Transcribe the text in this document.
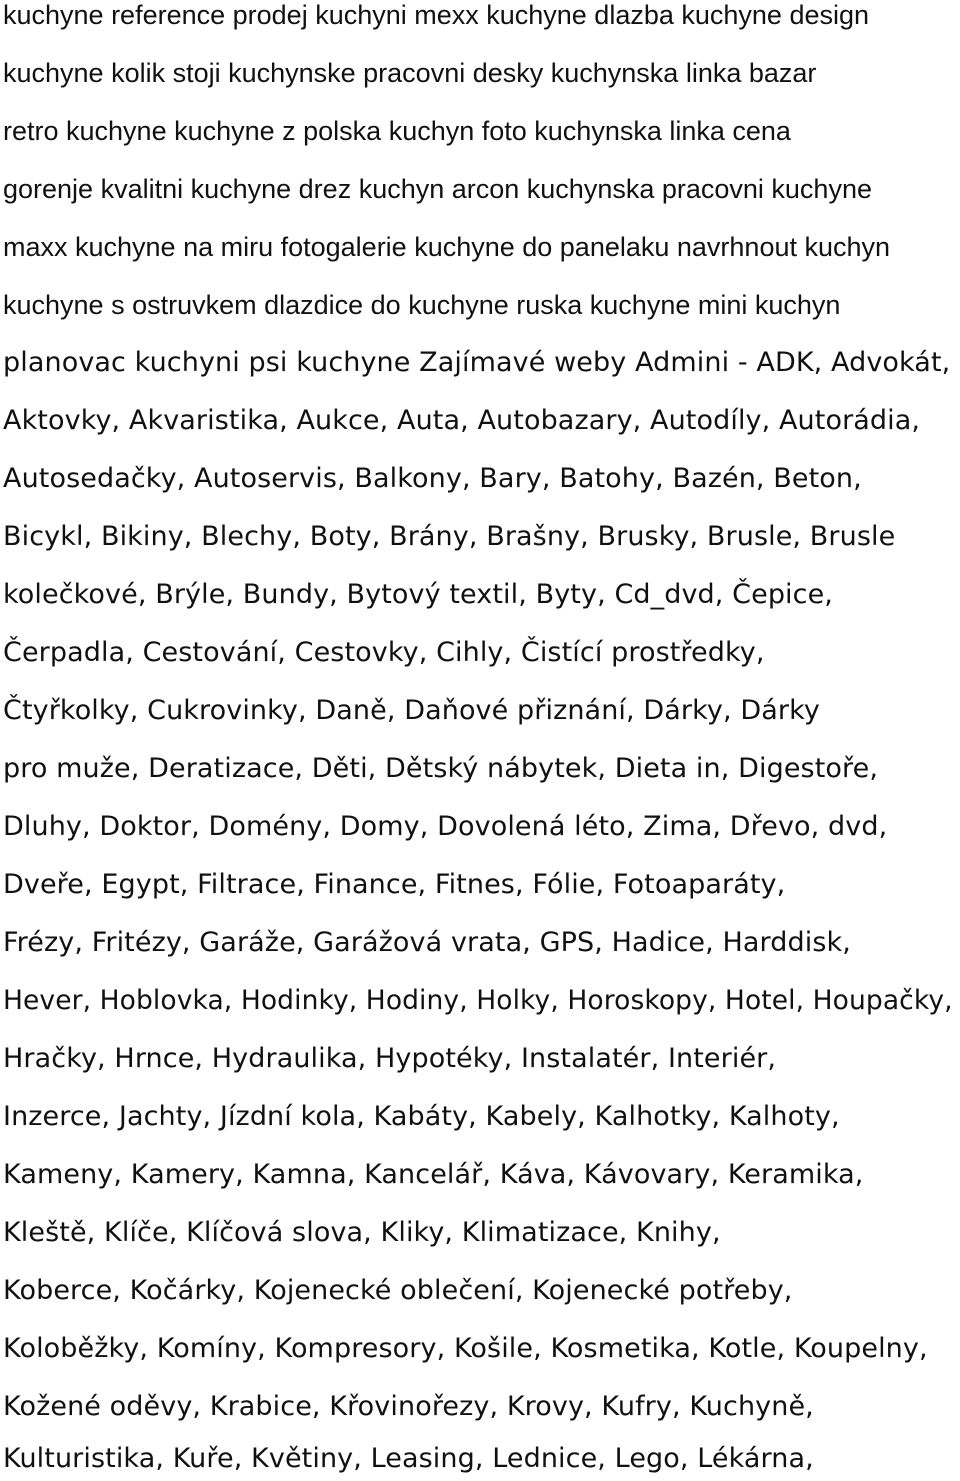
kuchyne reference prodej kuchyni mexx kuchyne dlazba kuchyne design
kuchyne kolik stoji kuchynske pracovni desky kuchynska linka bazar
retro kuchyne kuchyne z polska kuchyn foto kuchynska linka cena
gorenje kvalitni kuchyne drez kuchyn arcon kuchynska pracovni kuchyne
maxx kuchyne na miru fotogalerie kuchyne do panelaku navrhnout kuchyn
kuchyne s ostruvkem dlazdice do kuchyne ruska kuchyne mini kuchyn
planovac kuchyni psi kuchyne Zajímavé weby Admini - ADK, Advokát,
Aktovky, Akvaristika, Aukce, Auta, Autobazary, Autodíly, Autorádia,
Autosedačky, Autoservis, Balkony, Bary, Batohy, Bazén, Beton,
Bicykl, Bikiny, Blechy, Boty, Brány, Brašny, Brusky, Brusle, Brusle
kolečkové, Brýle, Bundy, Bytový textil, Byty, Cd_dvd, Čepice,
Čerpadla, Cestování, Cestovky, Cihly, Čistící prostředky,
Čtyřkolky, Cukrovinky, Daně, Daňové přiznání, Dárky, Dárky
pro muže, Deratizace, Děti, Dětský nábytek, Dieta in, Digestoře,
Dluhy, Doktor, Domény, Domy, Dovolená léto, Zima, Dřevo, dvd,
Dveře, Egypt, Filtrace, Finance, Fitnes, Fólie, Fotoaparáty,
Frézy, Fritézy, Garáže, Garážová vrata, GPS, Hadice, Harddisk,
Hever, Hoblovka, Hodinky, Hodiny, Holky, Horoskopy, Hotel, Houpačky,
Hračky, Hrnce, Hydraulika, Hypotéky, Instalatér, Interiér,
Inzerce, Jachty, Jízdní kola, Kabáty, Kabely, Kalhotky, Kalhoty,
Kameny, Kamery, Kamna, Kancelář, Káva, Kávovary, Keramika,
Kleště, Klíče, Klíčová slova, Kliky, Klimatizace, Knihy,
Koberce, Kočárky, Kojenecké oblečení, Kojenecké potřeby,
Koloběžky, Komíny, Kompresory, Košile, Kosmetika, Kotle, Koupelny,
Kožené oděvy, Krabice, Křovinořezy, Krovy, Kufry, Kuchyně,
Kulturistika, Kuře, Květiny, Leasing, Lednice, Lego, Lékárna,
